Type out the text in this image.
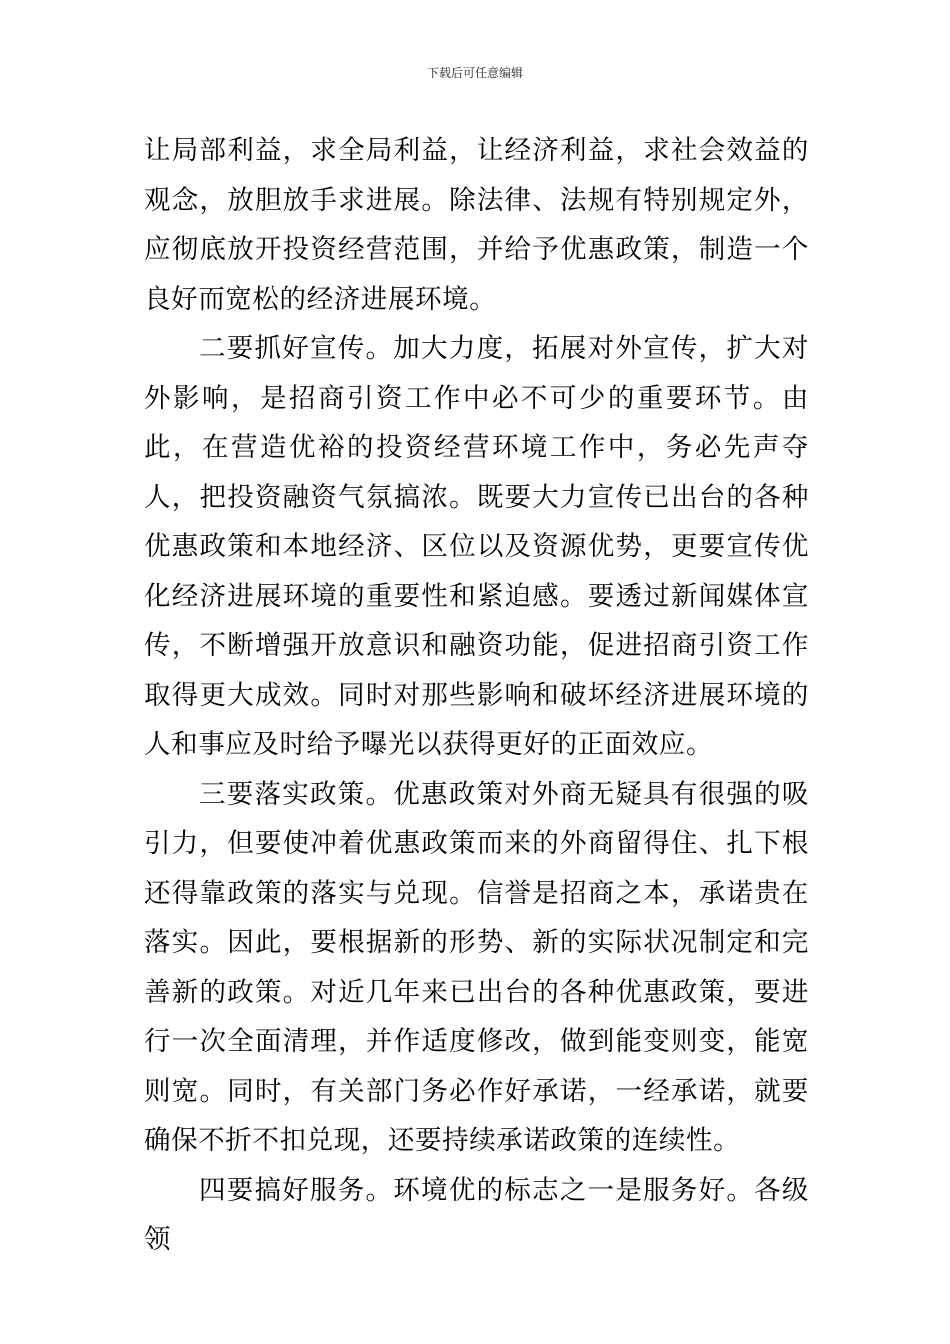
下载后可任意编辑

让局部利益，求全局利益，让经济利益，求社会效益的观念，放胆放手求进展。除法律、法规有特别规定外，应彻底放开投资经营范围，并给予优惠政策，制造一个良好而宽松的经济进展环境。

二要抓好宣传。加大力度，拓展对外宣传，扩大对外影响，是招商引资工作中必不可少的重要环节。由此，在营造优裕的投资经营环境工作中，务必先声夺人，把投资融资气氛搞浓。既要大力宣传已出台的各种优惠政策和本地经济、区位以及资源优势，更要宣传优化经济进展环境的重要性和紧迫感。要透过新闻媒体宣传，不断增强开放意识和融资功能，促进招商引资工作取得更大成效。同时对那些影响和破坏经济进展环境的人和事应及时给予曝光以获得更好的正面效应。

三要落实政策。优惠政策对外商无疑具有很强的吸引力，但要使冲着优惠政策而来的外商留得住、扎下根还得靠政策的落实与兑现。信誉是招商之本，承诺贵在落实。因此，要根据新的形势、新的实际状况制定和完善新的政策。对近几年来已出台的各种优惠政策，要进行一次全面清理，并作适度修改，做到能变则变，能宽则宽。同时，有关部门务必作好承诺，一经承诺，就要确保不折不扣兑现，还要持续承诺政策的连续性。

四要搞好服务。环境优的标志之一是服务好。各级领
